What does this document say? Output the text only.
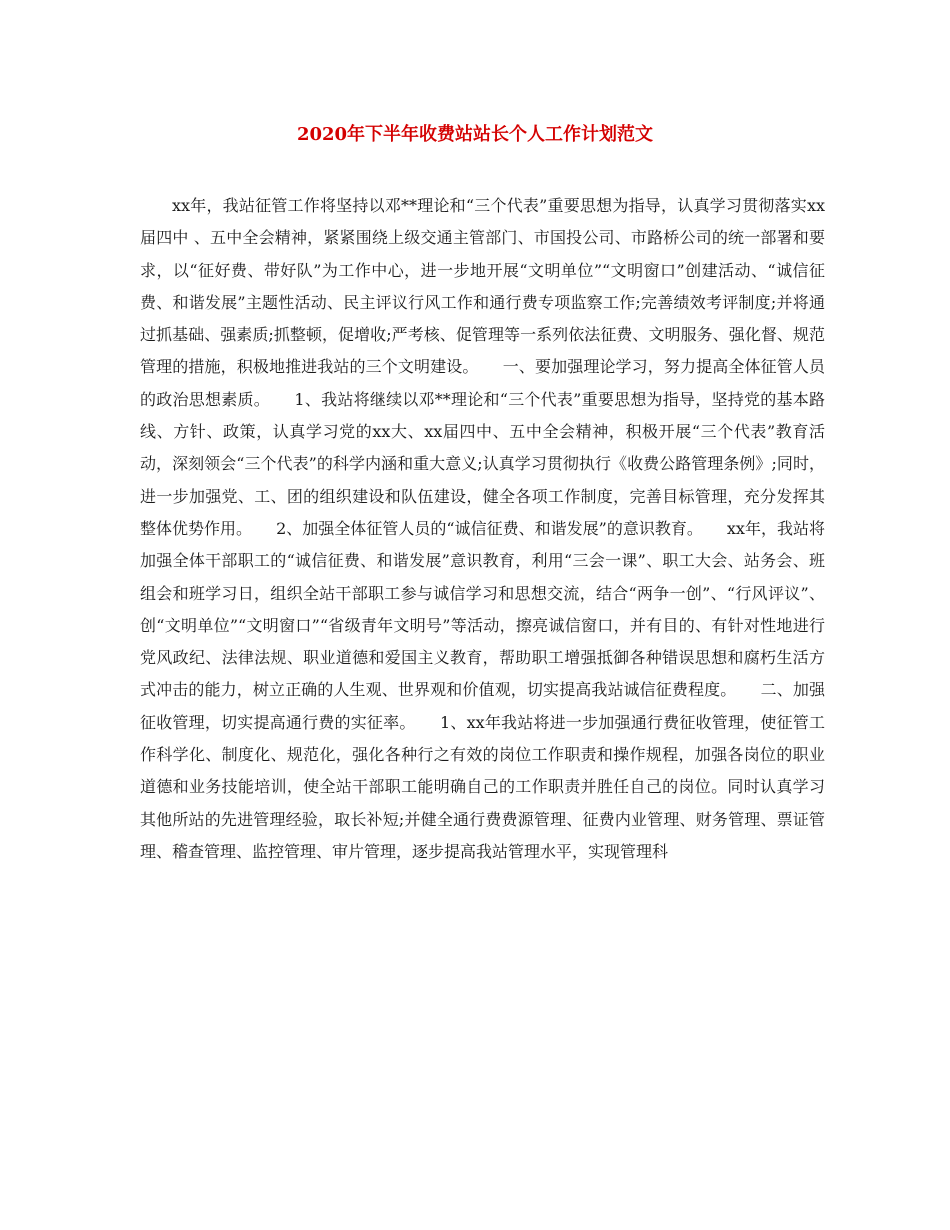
2020年下半年收费站站长个人工作计划范文

xx年，我站征管工作将坚持以邓**理论和“三个代表”重要思想为指导，认真学习贯彻落实xx届四中 、五中全会精神，紧紧围绕上级交通主管部门、市国投公司、市路桥公司的统一部署和要求，以“征好费、带好队”为工作中心，进一步地开展“文明单位”“文明窗口”创建活动、“诚信征费、和谐发展”主题性活动、民主评议行风工作和通行费专项监察工作;完善绩效考评制度;并将通过抓基础、强素质;抓整顿，促增收;严考核、促管理等一系列依法征费、文明服务、强化督、规范管理的措施，积极地推进我站的三个文明建设。　　一、要加强理论学习，努力提高全体征管人员的政治思想素质。　　1、我站将继续以邓**理论和“三个代表”重要思想为指导，坚持党的基本路线、方针、政策，认真学习党的xx大、xx届四中、五中全会精神，积极开展“三个代表”教育活动，深刻领会“三个代表”的科学内涵和重大意义;认真学习贯彻执行《收费公路管理条例》;同时，进一步加强党、工、团的组织建设和队伍建设，健全各项工作制度，完善目标管理，充分发挥其整体优势作用。　　2、加强全体征管人员的“诚信征费、和谐发展”的意识教育。　　xx年，我站将加强全体干部职工的“诚信征费、和谐发展”意识教育，利用“三会一课”、职工大会、站务会、班组会和班学习日，组织全站干部职工参与诚信学习和思想交流，结合“两争一创”、“行风评议”、创“文明单位”“文明窗口”“省级青年文明号”等活动，擦亮诚信窗口，并有目的、有针对性地进行党风政纪、法律法规、职业道德和爱国主义教育，帮助职工增强抵御各种错误思想和腐朽生活方式冲击的能力，树立正确的人生观、世界观和价值观，切实提高我站诚信征费程度。　　二、加强征收管理，切实提高通行费的实征率。　　1、xx年我站将进一步加强通行费征收管理，使征管工作科学化、制度化、规范化，强化各种行之有效的岗位工作职责和操作规程，加强各岗位的职业道德和业务技能培训，使全站干部职工能明确自己的工作职责并胜任自己的岗位。同时认真学习其他所站的先进管理经验，取长补短;并健全通行费费源管理、征费内业管理、财务管理、票证管理、稽查管理、监控管理、审片管理，逐步提高我站管理水平，实现管理科
